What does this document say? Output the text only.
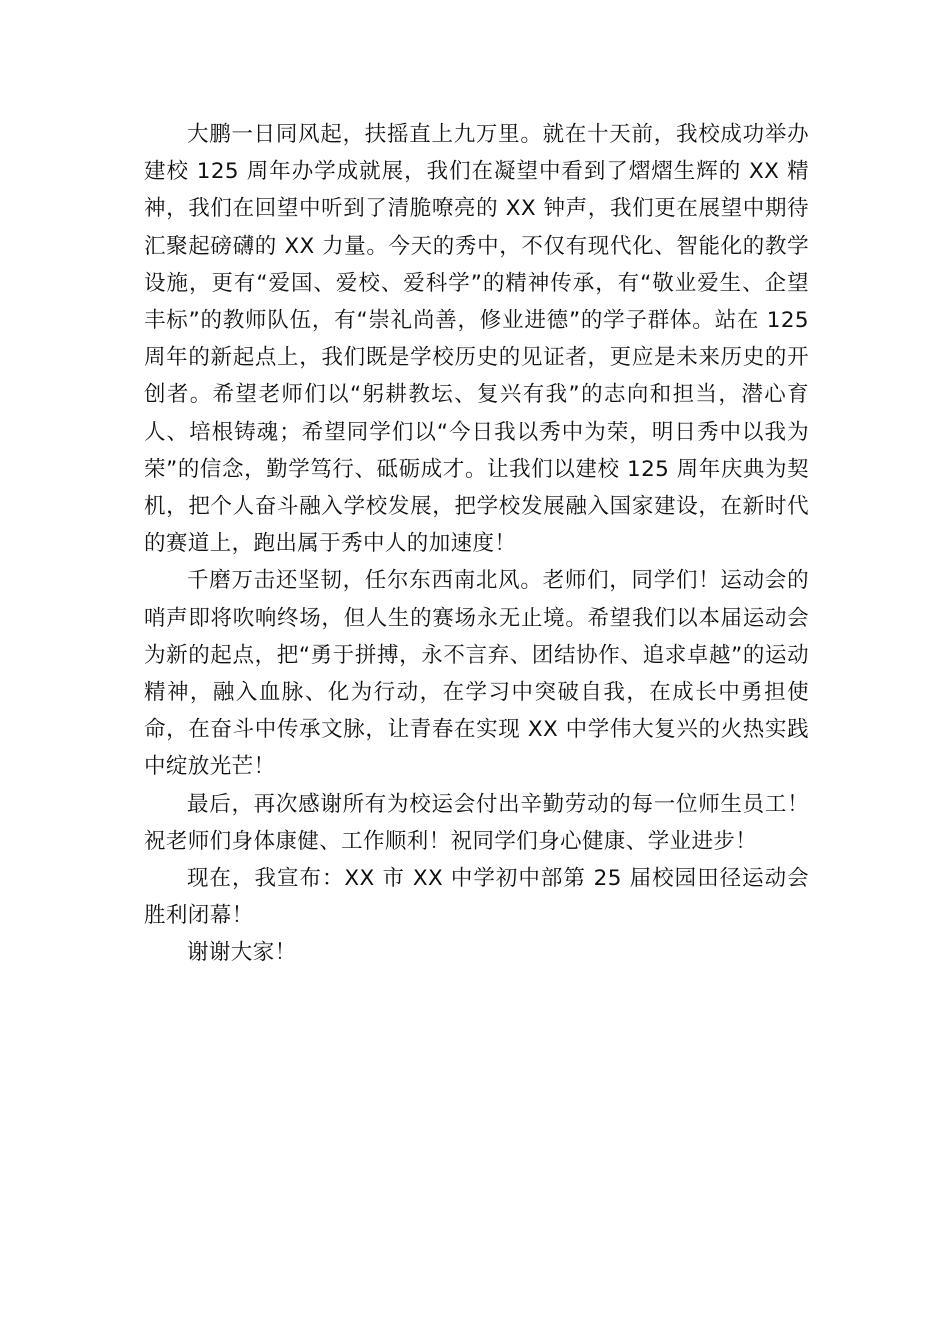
大鹏一日同风起，扶摇直上九万里。就在十天前，我校成功举办建校 125 周年办学成就展，我们在凝望中看到了熠熠生辉的 XX 精神，我们在回望中听到了清脆嘹亮的 XX 钟声，我们更在展望中期待汇聚起磅礴的 XX 力量。今天的秀中，不仅有现代化、智能化的教学设施，更有“爱国、爱校、爱科学”的精神传承，有“敬业爱生、企望丰标”的教师队伍，有“崇礼尚善，修业进德”的学子群体。站在 125 周年的新起点上，我们既是学校历史的见证者，更应是未来历史的开创者。希望老师们以“躬耕教坛、复兴有我”的志向和担当，潜心育人、培根铸魂；希望同学们以“今日我以秀中为荣，明日秀中以我为荣”的信念，勤学笃行、砥砺成才。让我们以建校 125 周年庆典为契机，把个人奋斗融入学校发展，把学校发展融入国家建设，在新时代的赛道上，跑出属于秀中人的加速度！

千磨万击还坚韧，任尔东西南北风。老师们，同学们！运动会的哨声即将吹响终场，但人生的赛场永无止境。希望我们以本届运动会为新的起点，把“勇于拼搏，永不言弃、团结协作、追求卓越”的运动精神，融入血脉、化为行动，在学习中突破自我，在成长中勇担使命，在奋斗中传承文脉，让青春在实现 XX 中学伟大复兴的火热实践中绽放光芒！

最后，再次感谢所有为校运会付出辛勤劳动的每一位师生员工！祝老师们身体康健、工作顺利！祝同学们身心健康、学业进步！

现在，我宣布：XX 市 XX 中学初中部第 25 届校园田径运动会胜利闭幕！

谢谢大家！
